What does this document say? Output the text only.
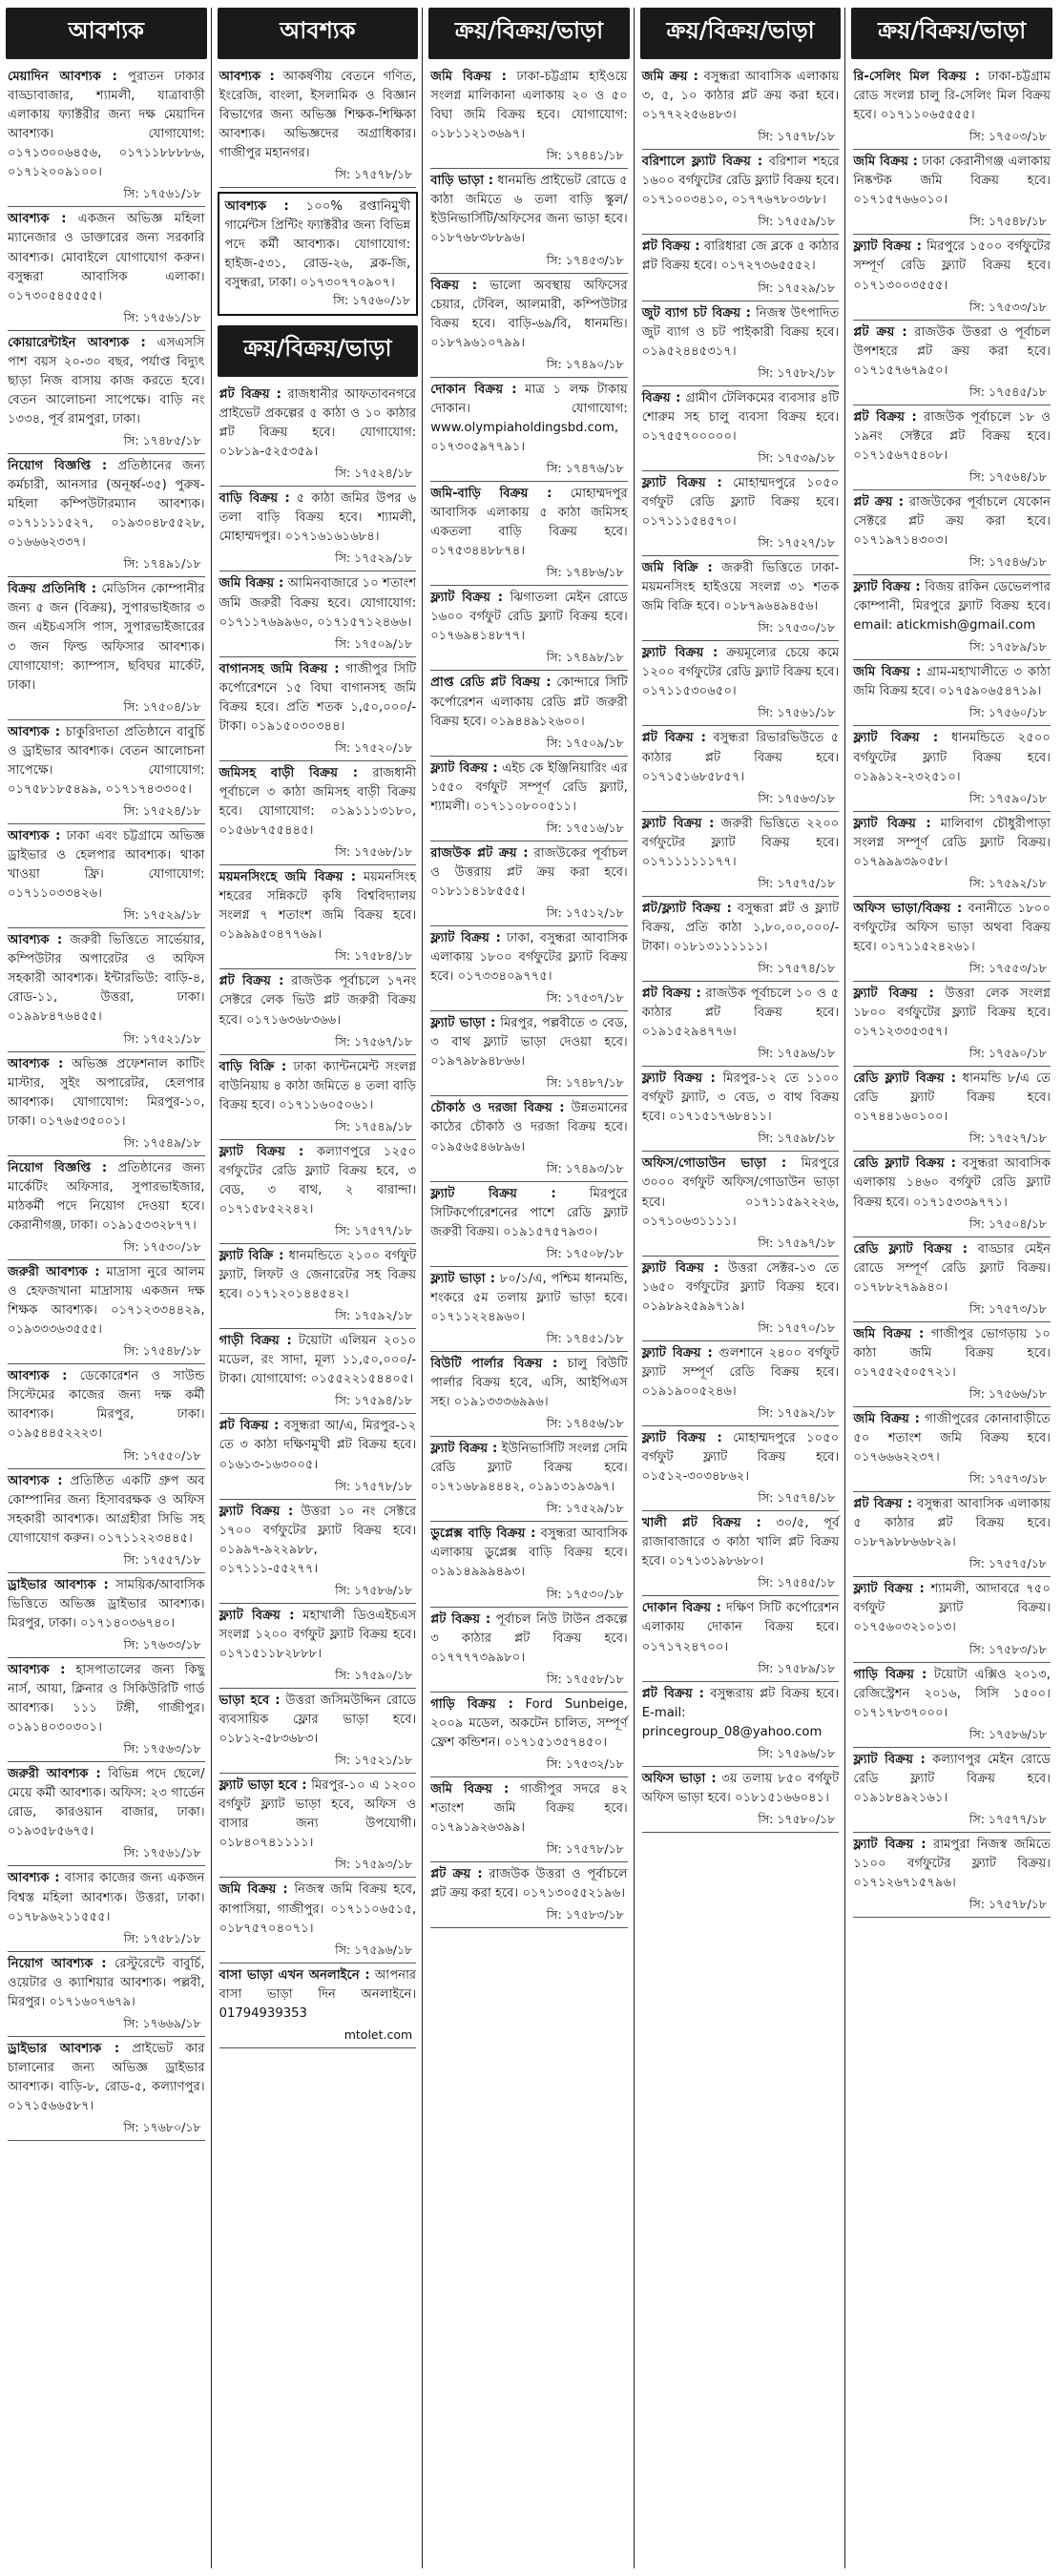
আবশ্যক
মেয়াদিন আবশ্যক : পুরাতন ঢাকার বাড্ডাবাজার, শ্যামলী, যাত্রাবাড়ী এলাকায় ফ্যাক্টরীর জন্য দক্ষ মেয়াদিন আবশ্যক। যোগাযোগ: ০১৭১৩০০৬৪৫৬, ০১৭১১৮৮৮৮৬, ০১৭১২০০৯১০০।
সি: ১৭৫৬১/১৮
আবশ্যক : একজন অভিজ্ঞ মহিলা ম্যানেজার ও ডাক্তারের জন্য সরকারি আবশ্যক। মোবাইলে যোগাযোগ করুন। বসুন্ধরা আবাসিক এলাকা। ০১৭৩০৫৪৫৫৫৫।
সি: ১৭৫৬১/১৮
কোয়ারেন্টাইন আবশ্যক : এসএসসি পাশ বয়স ২০-৩০ বছর, পর্যাপ্ত বিদ্যুৎ ছাড়া নিজ বাসায় কাজ করতে হবে। বেতন আলোচনা সাপেক্ষে। বাড়ি নং ১৩৩৪, পূর্ব রামপুরা, ঢাকা।
সি: ১৭৪৮৫/১৮
নিয়োগ বিজ্ঞপ্তি : প্রতিষ্ঠানের জন্য কর্মচারী, আনসার (অনূর্ধ্ব-৩৫) পুরুষ-মহিলা কম্পিউটারম্যান আবশ্যক। ০১৭১১১১৫২৭, ০১৯৩০৪৮৫৫২৮, ০১৬৬৬২৩৩৭।
সি: ১৭৪৯১/১৮
বিক্রয় প্রতিনিধি : মেডিসিন কোম্পানীর জন্য ৫ জন (বিক্রয়), সুপারভাইজার ৩ জন এইচএসসি পাস, সুপারভাইজারের ৩ জন ফিল্ড অফিসার আবশ্যক। যোগাযোগ: ক্যাম্পাস, ছবিঘর মার্কেট, ঢাকা।
সি: ১৭৫০৪/১৮
আবশ্যক : চাকুরিদাতা প্রতিষ্ঠানে বাবুর্চি ও ড্রাইভার আবশ্যক। বেতন আলোচনা সাপেক্ষে। যোগাযোগ: ০১৭৫৮১৮৫৪৯৯, ০১৭১৭৪৩৩০৫।
সি: ১৭৫২৪/১৮
আবশ্যক : ঢাকা এবং চট্টগ্রামে অভিজ্ঞ ড্রাইভার ও হেলপার আবশ্যক। থাকা খাওয়া ফ্রি। যোগাযোগ: ০১৭১১০৩৩৪২৬।
সি: ১৭৫২৯/১৮
আবশ্যক : জরুরী ভিত্তিতে সার্ভেয়ার, কম্পিউটার অপারেটর ও অফিস সহকারী আবশ্যক। ইন্টারভিউ: বাড়ি-৪, রোড-১১, উত্তরা, ঢাকা। ০১৯৯৮৪৭৬৪৫৫।
সি: ১৭৫২১/১৮
আবশ্যক : অভিজ্ঞ প্রফেশনাল কাটিং মাস্টার, সুইং অপারেটর, হেলপার আবশ্যক। যোগাযোগ: মিরপুর-১০, ঢাকা। ০১৭৬৫৩৫০০১।
সি: ১৭৫৪৯/১৮
নিয়োগ বিজ্ঞপ্তি : প্রতিষ্ঠানের জন্য মার্কেটিং অফিসার, সুপারভাইজার, মাঠকর্মী পদে নিয়োগ দেওয়া হবে। কেরানীগঞ্জ, ঢাকা। ০১৯১৫৩৩২৮৭৭।
সি: ১৭৫৩০/১৮
জরুরী আবশ্যক : মাদ্রাসা নুরে আলম ও হেফজখানা মাদ্রাসায় একজন দক্ষ শিক্ষক আবশ্যক। ০১৭১২৩৩৪৪২৯, ০১৯৩৩৩৬৩৫৫৫।
সি: ১৭৫৪৮/১৮
আবশ্যক : ডেকোরেশন ও সাউন্ড সিস্টেমের কাজের জন্য দক্ষ কর্মী আবশ্যক। মিরপুর, ঢাকা। ০১৯৫৪৪৫২২২৩।
সি: ১৭৫৫০/১৮
আবশ্যক : প্রতিষ্ঠিত একটি গ্রুপ অব কোম্পানির জন্য হিসাবরক্ষক ও অফিস সহকারী আবশ্যক। আগ্রহীরা সিভি সহ যোগাযোগ করুন। ০১৭১১২২৩৪৪৫।
সি: ১৭৫৫৭/১৮
ড্রাইভার আবশ্যক : সাময়িক/আবাসিক ভিত্তিতে অভিজ্ঞ ড্রাইভার আবশ্যক। মিরপুর, ঢাকা। ০১৭১৪০৩৬৭৪০।
সি: ১৭৬৩৩/১৮
আবশ্যক : হাসপাতালের জন্য কিছু নার্স, আয়া, ক্লিনার ও সিকিউরিটি গার্ড আবশ্যক। ১১১ টঙ্গী, গাজীপুর। ০১৯১৪০৩০৩০১।
সি: ১৭৫৬৩/১৮
জরুরী আবশ্যক : বিভিন্ন পদে ছেলে/মেয়ে কর্মী আবশ্যক। অফিস: ২৩ গার্ডেন রোড, কারওয়ান বাজার, ঢাকা। ০১৯৩৫৮৫৬৭৫।
সি: ১৭৫৬১/১৮
আবশ্যক : বাসার কাজের জন্য একজন বিশ্বস্ত মহিলা আবশ্যক। উত্তরা, ঢাকা। ০১৭৮৯৬২১১৫৫৫।
সি: ১৭৫৮১/১৮
নিয়োগ আবশ্যক : রেস্টুরেন্টে বাবুর্চি, ওয়েটার ও ক্যাশিয়ার আবশ্যক। পল্লবী, মিরপুর। ০১৭১৬০৭৬৭৯।
সি: ১৭৬৬৯/১৮
ড্রাইভার আবশ্যক : প্রাইভেট কার চালানোর জন্য অভিজ্ঞ ড্রাইভার আবশ্যক। বাড়ি-৮, রোড-৫, কল্যাণপুর। ০১৭১৫৬৬৫৮৭।
সি: ১৭৬৮০/১৮
আবশ্যক
আবশ্যক : আকর্ষণীয় বেতনে গণিত, ইংরেজি, বাংলা, ইসলামিক ও বিজ্ঞান বিভাগের জন্য অভিজ্ঞ শিক্ষক-শিক্ষিকা আবশ্যক। অভিজ্ঞদের অগ্রাধিকার। গাজীপুর মহানগর।
সি: ১৭৫৭৮/১৮
আবশ্যক : ১০০% রপ্তানিমুখী গার্মেন্টস প্রিন্টিং ফ্যাক্টরীর জন্য বিভিন্ন পদে কর্মী আবশ্যক। যোগাযোগ: হাইজ-৫৩১, রোড-২৬, ব্লক-জি, বসুন্ধরা, ঢাকা। ০১৭৩০৭৭০৯০৭।
সি: ১৭৫৬০/১৮
ক্রয়/বিক্রয়/ভাড়া
প্লট বিক্রয় : রাজধানীর আফতাবনগরে প্রাইভেট প্রকল্পের ৫ কাঠা ও ১০ কাঠার প্লট বিক্রয় হবে। যোগাযোগ: ০১৮১৯-৫২৫৩৫৯।
সি: ১৭৫২৪/১৮
বাড়ি বিক্রয় : ৫ কাঠা জমির উপর ৬ তলা বাড়ি বিক্রয় হবে। শ্যামলী, মোহাম্মদপুর। ০১৭১৬১৬১৬৮৪।
সি: ১৭৫২৯/১৮
জমি বিক্রয় : আমিনবাজারে ১০ শতাংশ জমি জরুরী বিক্রয় হবে। যোগাযোগ: ০১৭১১৭৬৯৯৬০, ০১৭১৫৭১২৪৬৬।
সি: ১৭৫০৯/১৮
বাগানসহ জমি বিক্রয় : গাজীপুর সিটি কর্পোরেশনে ১৫ বিঘা বাগানসহ জমি বিক্রয় হবে। প্রতি শতক ১,৫০,০০০/- টাকা। ০১৯১৫০৩০৩৪৪।
সি: ১৭৫২০/১৮
জমিসহ বাড়ী বিক্রয় : রাজধানী পূর্বাচলে ৩ কাঠা জমিসহ বাড়ী বিক্রয় হবে। যোগাযোগ: ০১৯১১১৩১৮০, ০১৫৬৮৭৫৫৪৪৫।
সি: ১৭৫৬৮/১৮
ময়মনসিংহে জমি বিক্রয় : ময়মনসিংহ শহরের সন্নিকটে কৃষি বিশ্ববিদ্যালয় সংলগ্ন ৭ শতাংশ জমি বিক্রয় হবে। ০১৯৯৯৫০৪৭৭৬৯।
সি: ১৭৫৮৪/১৮
প্লট বিক্রয় : রাজউক পূর্বাচলে ১৭নং সেক্টরে লেক ভিউ প্লট জরুরী বিক্রয় হবে। ০১৭১৬৩৬৮৩৬৬।
সি: ১৭৫৬৭/১৮
বাড়ি বিক্রি : ঢাকা ক্যান্টনমেন্ট সংলগ্ন বাউনিয়ায় ৪ কাঠা জমিতে ৪ তলা বাড়ি বিক্রয় হবে। ০১৭১১৬০৫০৬১।
সি: ১৭৫৪৯/১৮
ফ্ল্যাট বিক্রয় : কল্যাণপুরে ১২৫০ বর্গফুটের রেডি ফ্ল্যাট বিক্রয় হবে, ৩ বেড, ৩ বাথ, ২ বারান্দা। ০১৭১৫৮৫২২৪২।
সি: ১৭৫৭৭/১৮
ফ্ল্যাট বিক্রি : ধানমন্ডিতে ২১০০ বর্গফুট ফ্ল্যাট, লিফট ও জেনারেটর সহ বিক্রয় হবে। ০১৭১২০১৪৪৫৪২।
সি: ১৭৫৯২/১৮
গাড়ী বিক্রয় : টয়োটা এলিয়ন ২০১০ মডেল, রং সাদা, মূল্য ১১,৫০,০০০/- টাকা। যোগাযোগ: ০১৫৫২২১৫৪৪০৫।
সি: ১৭৫৯৪/১৮
প্লট বিক্রয় : বসুন্ধরা আ/এ, মিরপুর-১২ তে ৩ কাঠা দক্ষিণমুখী প্লট বিক্রয় হবে। ০১৬১৩-১৬৩০০৫।
সি: ১৭৫৭৮/১৮
ফ্ল্যাট বিক্রয় : উত্তরা ১০ নং সেক্টরে ১৭০০ বর্গফুটের ফ্ল্যাট বিক্রয় হবে। ০১৯৯৭-৯২২৯৮৮, ০১৭১১১-৫৫২৭৭।
সি: ১৭৫৮৬/১৮
ফ্ল্যাট বিক্রয় : মহাখালী ডিওএইচএস সংলগ্ন ১২০০ বর্গফুট ফ্ল্যাট বিক্রয় হবে। ০১৭১৫১১৮২৮৮৮।
সি: ১৭৫৯০/১৮
ভাড়া হবে : উত্তরা জসিমউদ্দিন রোডে ব্যবসায়িক ফ্লোর ভাড়া হবে। ০১৮১২-৫৮৩৬৮৩।
সি: ১৭৫২১/১৮
ফ্ল্যাট ভাড়া হবে : মিরপুর-১০ এ ১২০০ বর্গফুট ফ্ল্যাট ভাড়া হবে, অফিস ও বাসার জন্য উপযোগী। ০১৮৪০৭৪১১১১।
সি: ১৭৫৯৩/১৮
জমি বিক্রয় : নিজস্ব জমি বিক্রয় হবে, কাপাসিয়া, গাজীপুর। ০১৭১১০৬৫১৫, ০১৮৭৫৭০৪০৭১।
সি: ১৭৫৯৬/১৮
বাসা ভাড়া এখন অনলাইনে : আপনার বাসা ভাড়া দিন অনলাইনে। 01794939353
mtolet.com
ক্রয়/বিক্রয়/ভাড়া
জমি বিক্রয় : ঢাকা-চট্টগ্রাম হাইওয়ে সংলগ্ন মালিকানা এলাকায় ২০ ও ৫০ বিঘা জমি বিক্রয় হবে। যোগাযোগ: ০১৮১১২১৩৬৯৭।
সি: ১৭৪৪১/১৮
বাড়ি ভাড়া : ধানমন্ডি প্রাইভেট রোডে ৫ কাঠা জমিতে ৬ তলা বাড়ি স্কুল/ইউনিভার্সিটি/অফিসের জন্য ভাড়া হবে। ০১৮৭৬৮৩৮৮৯৬।
সি: ১৭৪৫৩/১৮
বিক্রয় : ভালো অবস্থায় অফিসের চেয়ার, টেবিল, আলমারী, কম্পিউটার বিক্রয় হবে। বাড়ি-৬৯/বি, ধানমন্ডি। ০১৮৭৯৬১০৭৯৯।
সি: ১৭৪৯০/১৮
দোকান বিক্রয় : মাত্র ১ লক্ষ টাকায় দোকান। যোগাযোগ: www.olympiaholdingsbd.com, ০১৭৩০৫৯৭৭৯১।
সি: ১৭৪৭৬/১৮
জমি-বাড়ি বিক্রয় : মোহাম্মদপুর আবাসিক এলাকায় ৫ কাঠা জমিসহ একতলা বাড়ি বিক্রয় হবে। ০১৭৫৩৪৪৮৮৭৪।
সি: ১৭৪৮৬/১৮
ফ্ল্যাট বিক্রয় : ঝিগাতলা মেইন রোডে ১৬০০ বর্গফুট রেডি ফ্ল্যাট বিক্রয় হবে। ০১৭৬৯৪১৪৮৭৭।
সি: ১৭৪৯৮/১৮
প্রাপ্ত রেডি প্লট বিক্রয় : কোন্দারে সিটি কর্পোরেশন এলাকায় রেডি প্লট জরুরী বিক্রয় হবে। ০১৯৪৪৯১২৬০০।
সি: ১৭৫০৯/১৮
ফ্ল্যাট বিক্রয় : এইচ কে ইঞ্জিনিয়ারিং এর ১৫৫০ বর্গফুট সম্পূর্ণ রেডি ফ্ল্যাট, শ্যামলী। ০১৭১১০৮০০৫১১।
সি: ১৭৫১৬/১৮
রাজউক প্লট ক্রয় : রাজউকের পূর্বাচল ও উত্তরায় প্লট ক্রয় করা হবে। ০১৮১১৪১৮৫৫৫।
সি: ১৭৫১২/১৮
ফ্ল্যাট বিক্রয় : ঢাকা, বসুন্ধরা আবাসিক এলাকায় ১৮০০ বর্গফুটের ফ্ল্যাট বিক্রয় হবে। ০১৭৩৩৪০৯৭৭৫।
সি: ১৭৫৩৭/১৮
ফ্ল্যাট ভাড়া : মিরপুর, পল্লবীতে ৩ বেড, ৩ বাথ ফ্ল্যাট ভাড়া দেওয়া হবে। ০১৯৭৯৮৯৪৮৬৬।
সি: ১৭৪৮৭/১৮
চৌকাঠ ও দরজা বিক্রয় : উন্নতমানের কাঠের চৌকাঠ ও দরজা বিক্রয় হবে। ০১৯৫৬৫৪৬৮৯৬।
সি: ১৭৪৯৩/১৮
ফ্ল্যাট বিক্রয় :	মিরপুরে সিটিকর্পোরেশনের পাশে রেডি ফ্ল্যাট জরুরী বিক্রয়। ০১৯১৫৭৫৭৯৩০।
সি: ১৭৫০৮/১৮
ফ্ল্যাট ভাড়া : ৮০/১/এ, পশ্চিম ধানমন্ডি, শংকরে ৫ম তলায় ফ্ল্যাট ভাড়া হবে। ০১৭১১২২৪৯৬০।
সি: ১৭৪৫১/১৮
বিউটি পার্লার বিক্রয় : চালু বিউটি পার্লার বিক্রয় হবে, এসি, আইপিএস সহ। ০১৯১৩৩৩৬৯৯৬।
সি: ১৭৪৫৬/১৮
ফ্ল্যাট বিক্রয় : ইউনিভার্সিটি সংলগ্ন সেমি রেডি ফ্ল্যাট বিক্রয় হবে। ০১৭১৬৮৯৪৪৪২, ০১৯১৩১৯৩৯৭।
সি: ১৭৫২৯/১৮
ডুপ্লেক্স বাড়ি বিক্রয় : বসুন্ধরা আবাসিক এলাকায় ডুপ্লেক্স বাড়ি বিক্রয় হবে। ০১৯১৪৯৯৯৪৯৩।
সি: ১৭৫৩০/১৮
প্লট বিক্রয় : পূর্বাচল নিউ টাউন প্রকল্পে ৩ কাঠার প্লট বিক্রয় হবে। ০১৭৭৭৭৩৯৯৮০।
সি: ১৭৫৫৮/১৮
গাড়ি বিক্রয় : Ford Sunbeige, ২০০৯ মডেল, অকটেন চালিত, সম্পূর্ণ ফ্রেশ কন্ডিশন। ০১৭১৫১৩৫৭৪৫০।
সি: ১৭৫৩২/১৮
জমি বিক্রয় : গাজীপুর সদরে ৪২ শতাংশ জমি বিক্রয় হবে। ০১৭৯১৯২৬৩৯৯।
সি: ১৭৫৭৮/১৮
প্লট ক্রয় : রাজউক উত্তরা ও পূর্বাচলে প্লট ক্রয় করা হবে। ০১৭১৩০৫৫২১৯৬।
সি: ১৭৫৮৩/১৮
ক্রয়/বিক্রয়/ভাড়া
জমি ক্রয় : বসুন্ধরা আবাসিক এলাকায় ৩, ৫, ১০ কাঠার প্লট ক্রয় করা হবে। ০১৭৭২২৫৬৪৮৩।
সি: ১৭৫৭৮/১৮
বরিশালে ফ্ল্যাট বিক্রয় : বরিশাল শহরে ১৬০০ বর্গফুটের রেডি ফ্ল্যাট বিক্রয় হবে। ০১৭১০০৩৪১০, ০১৭৭৬৭৮০৩৮৮।
সি: ১৭৫৫৯/১৮
প্লট বিক্রয় : বারিধারা জে ব্লকে ৫ কাঠার প্লট বিক্রয় হবে। ০১৭২৭৩৬৫৫৫২।
সি: ১৭৫২৯/১৮
জুট ব্যাগ চট বিক্রয় : নিজস্ব উৎপাদিত জুট ব্যাগ ও চট পাইকারী বিক্রয় হবে। ০১৯৫২৪৪৫৩১৭।
সি: ১৭৫৮২/১৮
বিক্রয় : গ্রামীণ টেলিকমের ব্যবসার ৪টি শোরুম সহ চালু ব্যবসা বিক্রয় হবে। ০১৭৫৫৭০০০০০।
সি: ১৭৫৩৯/১৮
ফ্ল্যাট বিক্রয় : মোহাম্মদপুরে ১০৫০ বর্গফুট রেডি ফ্ল্যাট বিক্রয় হবে। ০১৭১১১৫৪৫৭০।
সি: ১৭৫২৭/১৮
জমি বিক্রি : জরুরী ভিত্তিতে ঢাকা-ময়মনসিংহ হাইওয়ে সংলগ্ন ৩১ শতক জমি বিক্রি হবে। ০১৮৭৯৬৪৯৪৫৬।
সি: ১৭৫৩০/১৮
ফ্ল্যাট বিক্রয় : ক্রয়মূল্যের চেয়ে কমে ১২০০ বর্গফুটের রেডি ফ্ল্যাট বিক্রয় হবে। ০১৭১১৫৩০৬৫০।
সি: ১৭৫৬১/১৮
প্লট বিক্রয় : বসুন্ধরা রিভারভিউতে ৫ কাঠার প্লট বিক্রয় হবে। ০১৭১৫১৬৮৫৮৫৭।
সি: ১৭৫৬৩/১৮
ফ্ল্যাট বিক্রয় : জরুরী ভিত্তিতে ২২০০ বর্গফুটের ফ্ল্যাট বিক্রয় হবে। ০১৭১১১১১১৭৭।
সি: ১৭৫৭৫/১৮
প্লট/ফ্ল্যাট বিক্রয় : বসুন্ধরা প্লট ও ফ্ল্যাট বিক্রয়, প্রতি কাঠা ১,৮০,০০,০০০/- টাকা। ০১৮১৩১১১১১১।
সি: ১৭৫৭৪/১৮
প্লট বিক্রয় : রাজউক পূর্বাচলে ১০ ও ৫ কাঠার প্লট বিক্রয় হবে। ০১৯১৫২৯৪৭৭৬।
সি: ১৭৫৯৬/১৮
ফ্ল্যাট বিক্রয় : মিরপুর-১২ তে ১১০০ বর্গফুট ফ্ল্যাট, ৩ বেড, ৩ বাথ বিক্রয় হবে। ০১৭১৫১৭৬৮৪১১।
সি: ১৭৫৯৮/১৮
অফিস/গোডাউন ভাড়া : মিরপুরে ৩০০০ বর্গফুট অফিস/গোডাউন ভাড়া হবে। ০১৭১১৫৯২২২৬, ০১৭১০৬৩১১১১।
সি: ১৭৫৯৭/১৮
ফ্ল্যাট বিক্রয় : উত্তরা সেক্টর-১৩ তে ১৬৫০ বর্গফুটের ফ্ল্যাট বিক্রয় হবে। ০১৯৮৯২৫৯৯৭১৯।
সি: ১৭৫৭০/১৮
ফ্ল্যাট বিক্রয় : গুলশানে ২৪০০ বর্গফুট ফ্ল্যাট সম্পূর্ণ রেডি বিক্রয় হবে। ০১৯১৯০০৫২৪৬।
সি: ১৭৫৯২/১৮
ফ্ল্যাট বিক্রয় : মোহাম্মদপুরে ১০৫০ বর্গফুট ফ্ল্যাট বিক্রয় হবে। ০১৫১২-৩০৩৪৮৬২।
সি: ১৭৫৭৪/১৮
খালী প্লট বিক্রয় : ৩০/৫, পূর্ব রাজাবাজারে ৩ কাঠা খালি প্লট বিক্রয় হবে। ০১৭১৩১৯৮৬৮০।
সি: ১৭৫৪৫/১৮
দোকান বিক্রয় : দক্ষিণ সিটি কর্পোরেশন এলাকায় দোকান বিক্রয় হবে। ০১৭১৭২৪৭০০।
সি: ১৭৫৮৯/১৮
প্লট বিক্রয় : বসুন্ধরায় প্লট বিক্রয় হবে। E-mail: princegroup_08@yahoo.com
সি: ১৭৫৯৬/১৮
অফিস ভাড়া : ৩য় তলায় ৮৫০ বর্গফুট অফিস ভাড়া হবে। ০১৮১৫১৬৬০৪১।
সি: ১৭৫৮০/১৮
ক্রয়/বিক্রয়/ভাড়া
রি-সেলিং মিল বিক্রয় : ঢাকা-চট্টগ্রাম রোড সংলগ্ন চালু রি-সেলিং মিল বিক্রয় হবে। ০১৭১১০৬৫৫৫৫।
সি: ১৭৫০৩/১৮
জমি বিক্রয় : ঢাকা কেরানীগঞ্জ এলাকায় নিষ্কণ্টক জমি বিক্রয় হবে। ০১৭১৫৭৬৬০১০।
সি: ১৭৫৪৮/১৮
ফ্ল্যাট বিক্রয় : মিরপুরে ১৫০০ বর্গফুটের সম্পূর্ণ রেডি ফ্ল্যাট বিক্রয় হবে। ০১৭১৩০০৩৫৫৫।
সি: ১৭৫৩৩/১৮
প্লট ক্রয় : রাজউক উত্তরা ও পূর্বাচল উপশহরে প্লট ক্রয় করা হবে। ০১৭১৫৭৬৭৯৫০।
সি: ১৭৫৪৫/১৮
প্লট বিক্রয় : রাজউক পূর্বাচলে ১৮ ও ১৯নং সেক্টরে প্লট বিক্রয় হবে। ০১৭১৫৬৭৫৪০৮।
সি: ১৭৫৬৪/১৮
প্লট ক্রয় : রাজউকের পূর্বাচলে যেকোন সেক্টরে প্লট ক্রয় করা হবে। ০১৭১৯৭১৪৩০৩।
সি: ১৭৫৪৬/১৮
ফ্ল্যাট বিক্রয় : বিজয় রাকিন ডেভেলপার কোম্পানী, মিরপুরে ফ্ল্যাট বিক্রয় হবে। email: atickmish@gmail.com
সি: ১৭৫৮৯/১৮
জমি বিক্রয় : গ্রাম-মহাখালীতে ৩ কাঠা জমি বিক্রয় হবে। ০১৭৫৯০৬৫৪৭১৯।
সি: ১৭৫৬০/১৮
ফ্ল্যাট বিক্রয় : ধানমন্ডিতে ২৫০০ বর্গফুটের ফ্ল্যাট বিক্রয় হবে। ০১৯৯১২-২৩২৫১০।
সি: ১৭৫৯০/১৮
ফ্ল্যাট বিক্রয় : মালিবাগ চৌধুরীপাড়া সংলগ্ন সম্পূর্ণ রেডি ফ্ল্যাট বিক্রয়। ০১৭৯৯৯৩৯০৫৮।
সি: ১৭৫৯২/১৮
অফিস ভাড়া/বিক্রয় : বনানীতে ১৮০০ বর্গফুটের অফিস ভাড়া অথবা বিক্রয় হবে। ০১৭১১৫২৪২৬১।
সি: ১৭৫৫৩/১৮
ফ্ল্যাট বিক্রয় : উত্তরা লেক সংলগ্ন ১৮০০ বর্গফুটের ফ্ল্যাট বিক্রয় হবে। ০১৭১২৩৩৫৩৫৭।
সি: ১৭৫৯০/১৮
রেডি ফ্ল্যাট বিক্রয় : ধানমন্ডি ৮/এ তে রেডি ফ্ল্যাট বিক্রয় হবে। ০১৭৪৪১৬০১০০।
সি: ১৭৫২৭/১৮
রেডি ফ্ল্যাট বিক্রয় : বসুন্ধরা আবাসিক এলাকায় ১৪৬০ বর্গফুট রেডি ফ্ল্যাট বিক্রয় হবে। ০১৭১৫৩৩৯৭৭১।
সি: ১৭৫০৪/১৮
রেডি ফ্ল্যাট বিক্রয় : বাড্ডার মেইন রোডে সম্পূর্ণ রেডি ফ্ল্যাট বিক্রয়। ০১৭৮৮২৭৯৯৪০।
সি: ১৭৫৭৩/১৮
জমি বিক্রয় : গাজীপুর ভোগড়ায় ১০ কাঠা জমি বিক্রয় হবে। ০১৭৫৫২৫০৫৭২১।
সি: ১৭৫৬৬/১৮
জমি বিক্রয় : গাজীপুরের কোনাবাড়ীতে ৫০ শতাংশ জমি বিক্রয় হবে। ০১৭৬৬৬২২৩৭।
সি: ১৭৫৭৩/১৮
প্লট বিক্রয় : বসুন্ধরা আবাসিক এলাকায় ৫ কাঠার প্লট বিক্রয় হবে। ০১৮৭৯৮৮৬৬৮২৯।
সি: ১৭৫৭৫/১৮
ফ্ল্যাট বিক্রয় : শ্যামলী, আদাবরে ৭৫০ বর্গফুট ফ্ল্যাট বিক্রয়। ০১৭৫৬০৩২১০১৩।
সি: ১৭৫৮৩/১৮
গাড়ি বিক্রয় : টয়োটা এক্সিও ২০১৩, রেজিস্ট্রেশন ২০১৬, সিসি ১৫০০। ০১৭১৭৮৩৭০০০।
সি: ১৭৫৮৬/১৮
ফ্ল্যাট বিক্রয় : কল্যাণপুর মেইন রোডে রেডি ফ্ল্যাট বিক্রয় হবে। ০১৯১৮৪৯২১৬১।
সি: ১৭৫৭৭/১৮
ফ্ল্যাট বিক্রয় : রামপুরা নিজস্ব জমিতে ১১০০ বর্গফুটের ফ্ল্যাট বিক্রয়। ০১৭১২৬৭১৫৭৯৬।
সি: ১৭৫৭৮/১৮
